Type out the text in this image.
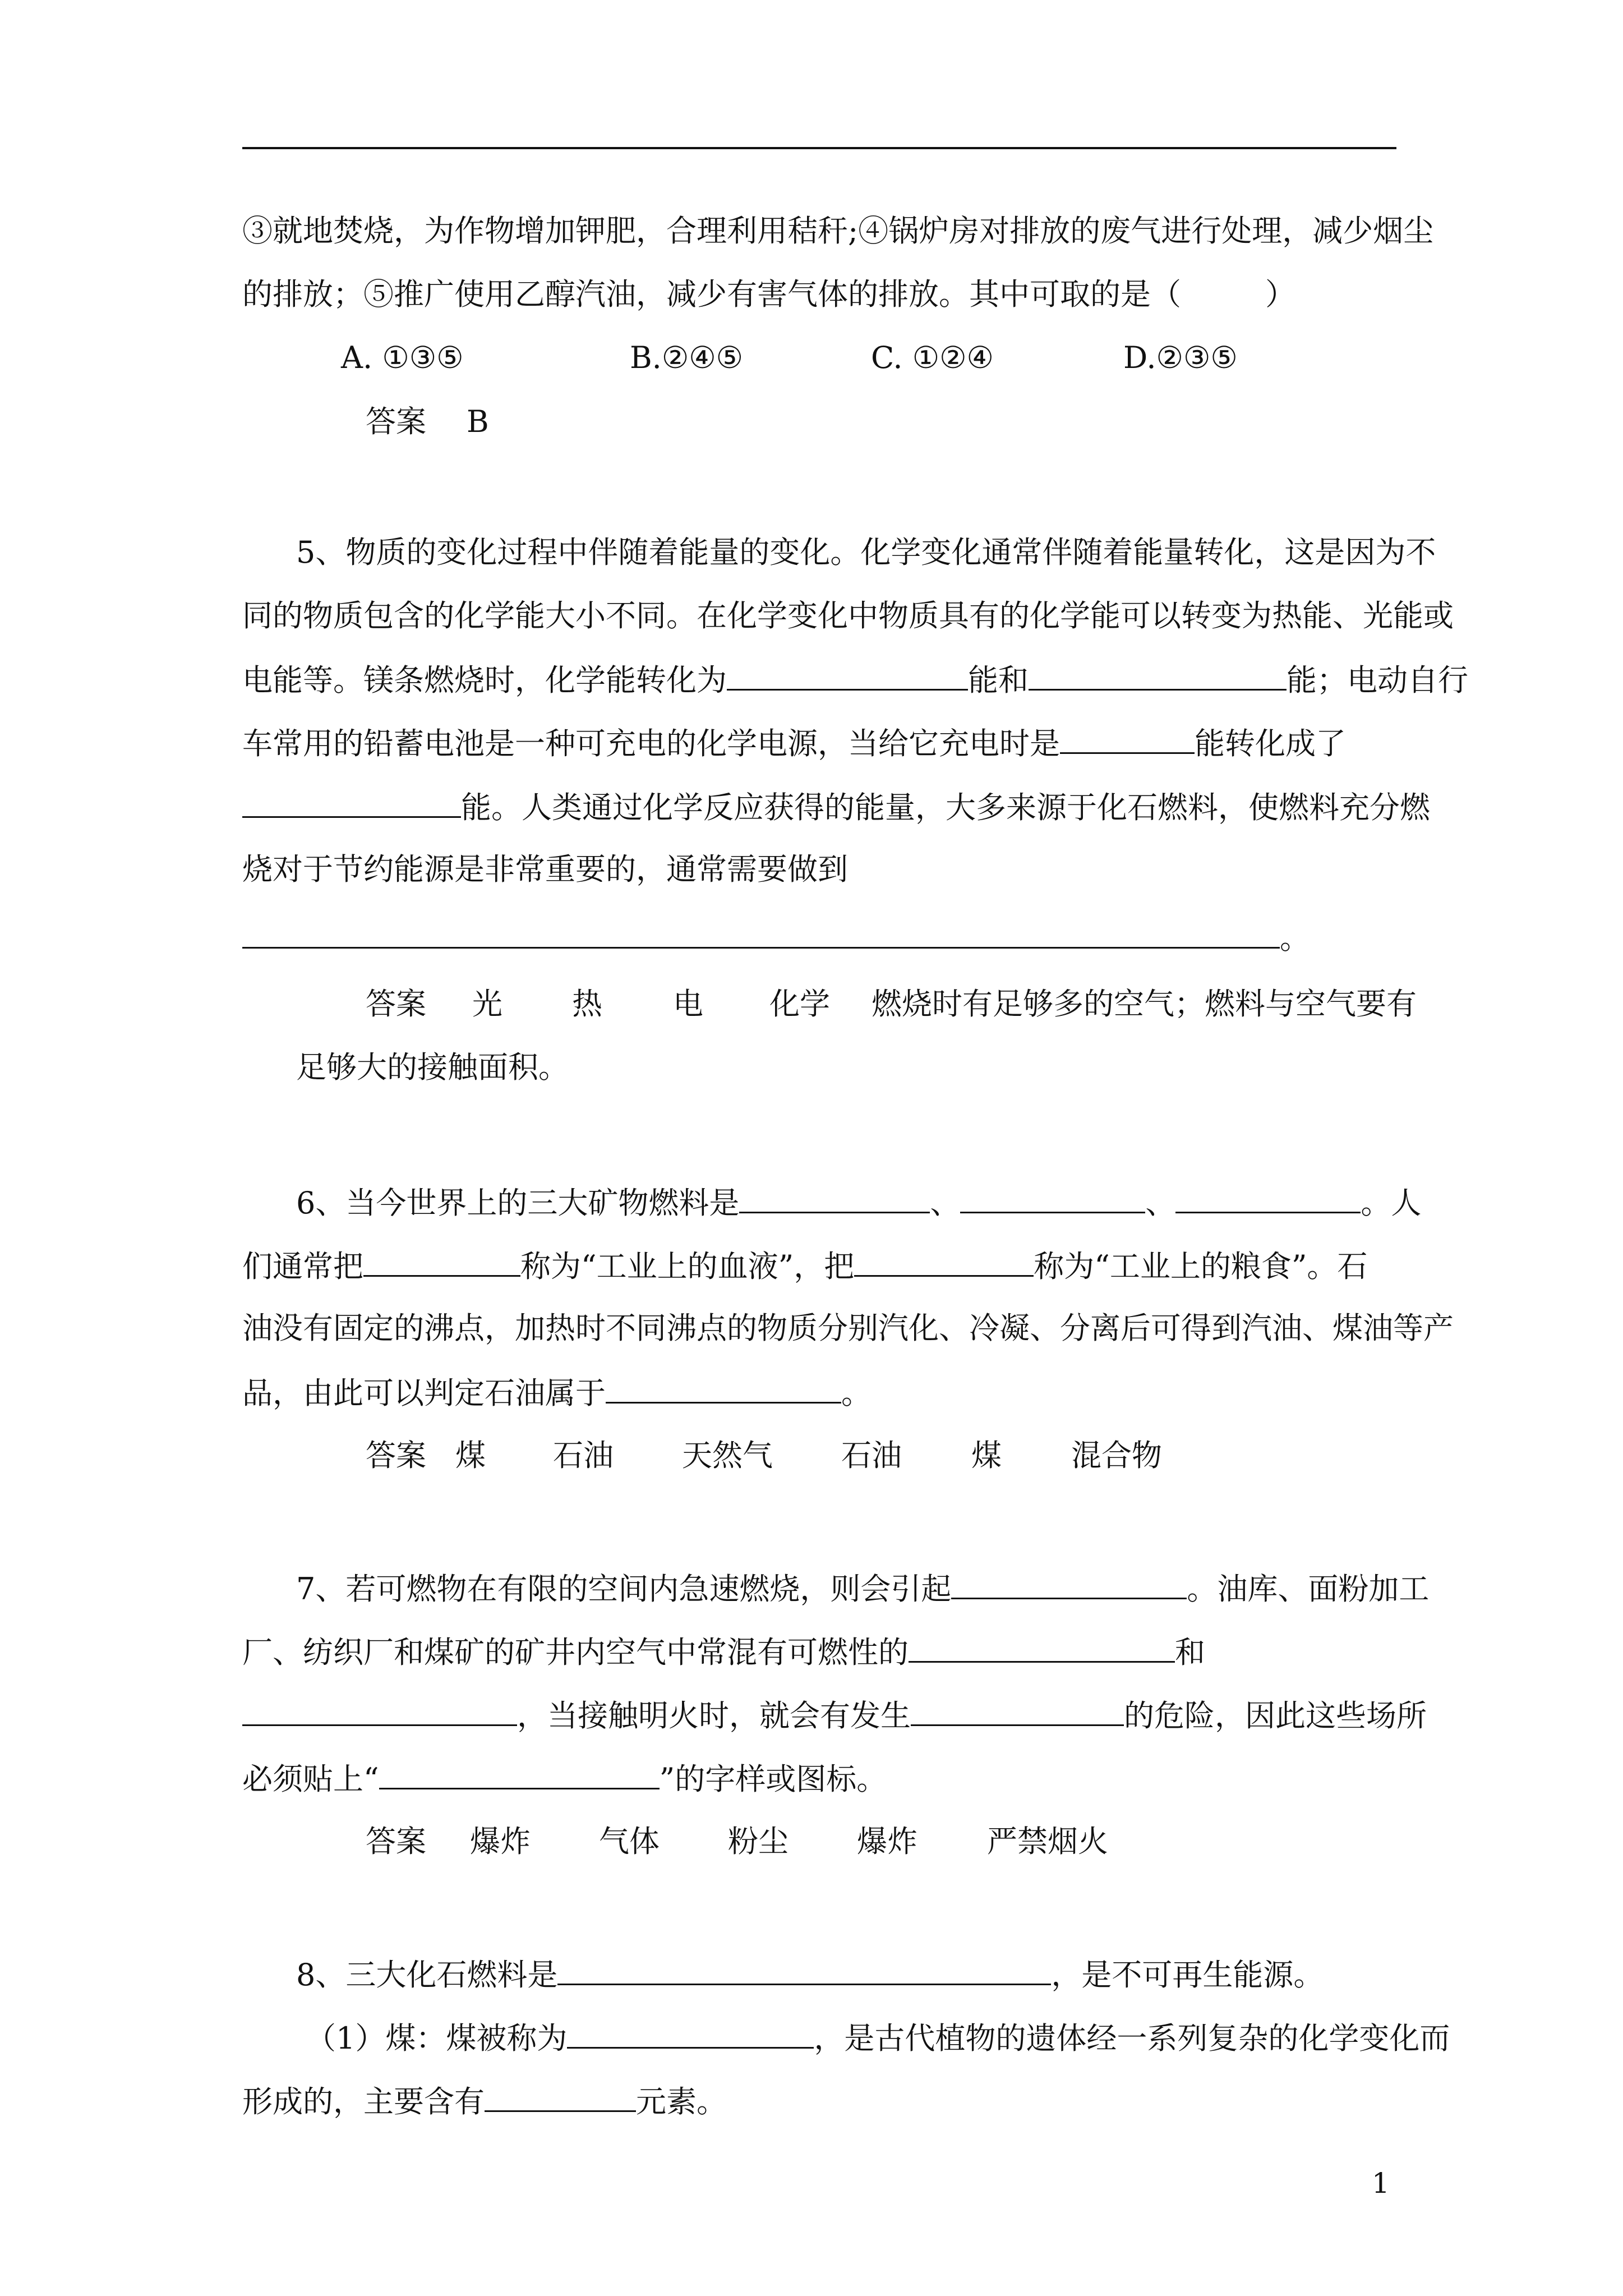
③就地焚烧，为作物增加钾肥，合理利用秸秆;④锅炉房对排放的废气进行处理，减少烟尘
的排放；⑤推广使用乙醇汽油，减少有害气体的排放。其中可取的是（	）
A. ①③⑤	B.②④⑤	C. ①②④	D.②③⑤
答案 B
5、物质的变化过程中伴随着能量的变化。化学变化通常伴随着能量转化，这是因为不
同的物质包含的化学能大小不同。在化学变化中物质具有的化学能可以转变为热能、光能或
电能等。镁条燃烧时，化学能转化为	能和	能；电动自行
车常用的铅蓄电池是一种可充电的化学电源，当给它充电时是	能转化成了
能。人类通过化学反应获得的能量，大多来源于化石燃料，使燃料充分燃
烧对于节约能源是非常重要的，通常需要做到
。
答案 光 热 电 化学 燃烧时有足够多的空气；燃料与空气要有
足够大的接触面积。
6、当今世界上的三大矿物燃料是	、	、	。人
们通常把	称为“工业上的血液”，把	称为“工业上的粮食”。石
油没有固定的沸点，加热时不同沸点的物质分别汽化、冷凝、分离后可得到汽油、煤油等产
品，由此可以判定石油属于	。
答案 煤 石油 天然气 石油 煤 混合物
7、若可燃物在有限的空间内急速燃烧，则会引起	。油库、面粉加工
厂、纺织厂和煤矿的矿井内空气中常混有可燃性的	和
，当接触明火时，就会有发生	的危险，因此这些场所
必须贴上“	”的字样或图标。
答案 爆炸 气体 粉尘 爆炸 严禁烟火
8、三大化石燃料是	，是不可再生能源。
（1）煤：煤被称为	，是古代植物的遗体经一系列复杂的化学变化而
形成的，主要含有	元素。
1
